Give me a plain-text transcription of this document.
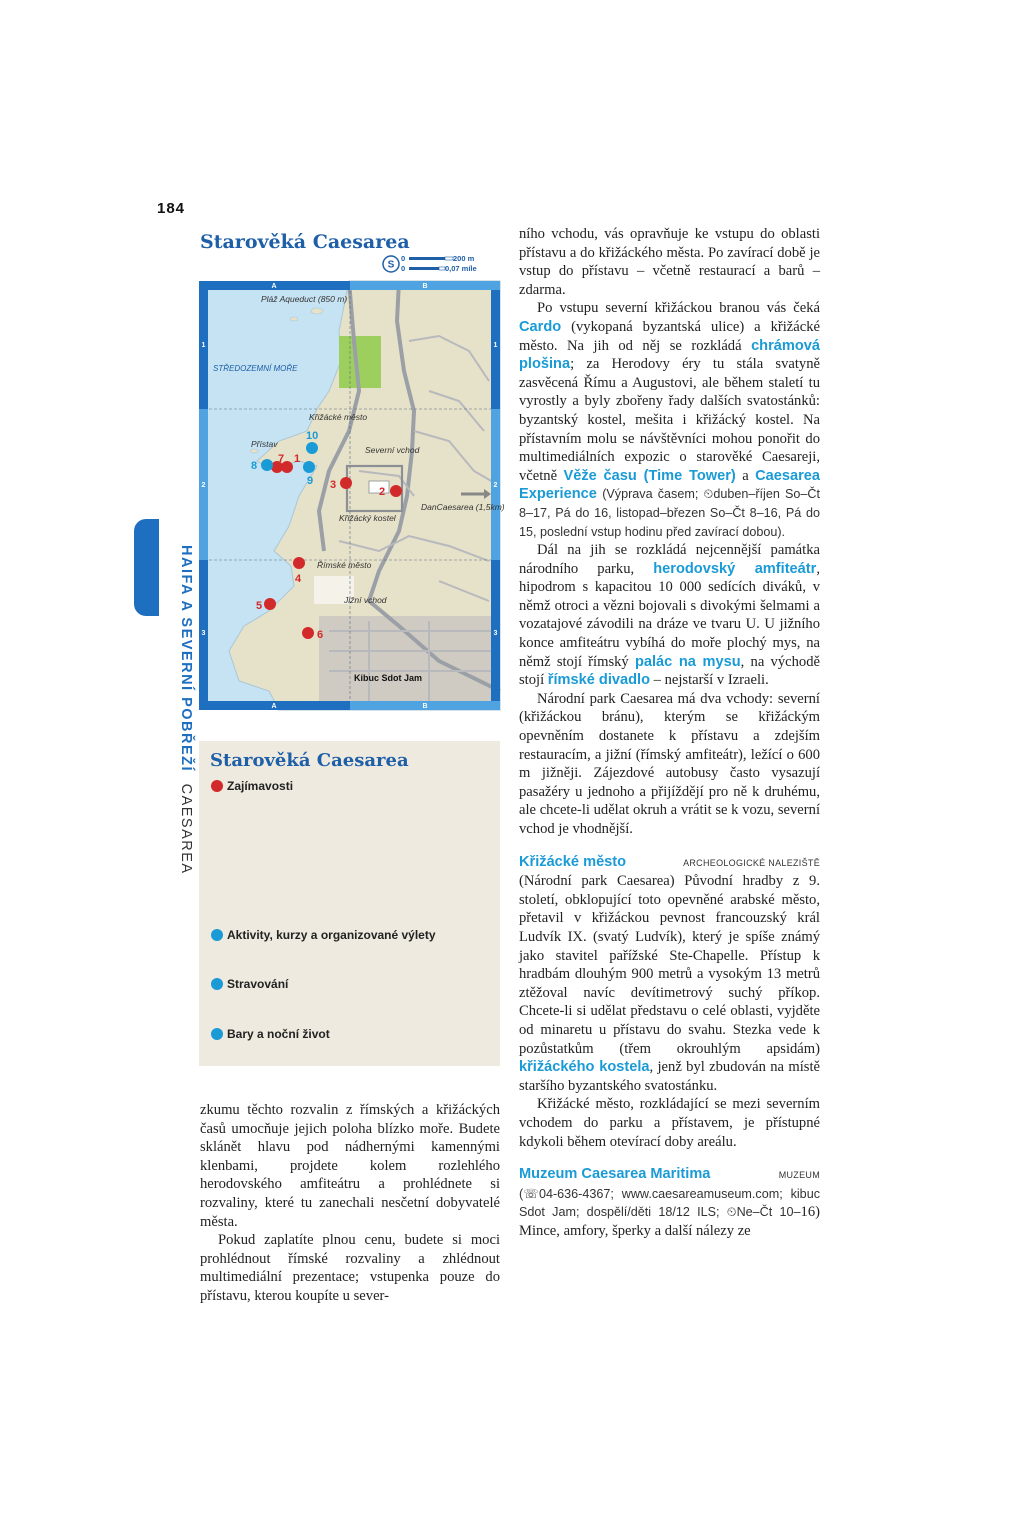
184
Starověká Caesarea
S
0	200 m
0	0,07 míle
A	B
A	B
1
2
3
1
2
3
Pláž Aqueduct (850 m)
Křižácké město
Přístav
Severní vchod
Křižácký kostel
DanCaesarea (1,5km)
Římské město
Jižní vchod
STŘEDOZEMNÍ MOŘE
Kibuc Sdot Jam
1
2
3
4
5
6
7
8
9
10
Starověká Caesarea
Zajímavosti
Aktivity, kurzy a organizované výlety
Stravování
Bary a noční život
HAIFA A SEVERNÍ POBŘEŽÍ CAESAREA

zkumu těchto rozvalin z římských a křižáckých časů umocňuje jejich poloha blízko moře. Budete sklánět hlavu pod nádhernými kamennými klenbami, projdete kolem rozlehlého herodovského amfiteátru a prohlédnete si rozvaliny, které tu zanechali nesčetní dobyvatelé města.

Pokud zaplatíte plnou cenu, budete si moci prohlédnout římské rozvaliny a zhlédnout multimediální prezentace; vstupenka pouze do přístavu, kterou koupíte u sever-

ního vchodu, vás opravňuje ke vstupu do oblasti přístavu a do křižáckého města. Po zavírací době je vstup do přístavu – včetně restaurací a barů – zdarma.

Po vstupu severní křižáckou branou vás čeká Cardo (vykopaná byzantská ulice) a křižácké město. Na jih od něj se rozkládá chrámová plošina; za Herodovy éry tu stála svatyně zasvěcená Římu a Augustovi, ale během staletí tu vyrostly a byly zbořeny řady dalších svatostánků: byzantský kostel, mešita i křižácký kostel. Na přístavním molu se návštěvníci mohou ponořit do multimediálních expozic o starověké Caesareji, včetně Věže času (Time Tower) a Caesarea Experience (Výprava časem; ⏲duben–říjen So–Čt 8–17, Pá do 16, listopad–březen So–Čt 8–16, Pá do 15, poslední vstup hodinu před zavírací dobou).

Dál na jih se rozkládá nejcennější památka národního parku, herodovský amfiteátr, hipodrom s kapacitou 10 000 sedících diváků, v němž otroci a vězni bojovali s divokými šelmami a vozatajové závodili na dráze ve tvaru U. U jižního konce amfiteátru vybíhá do moře plochý mys, na němž stojí římský palác na mysu, na východě stojí římské divadlo – nejstarší v Izraeli.

Národní park Caesarea má dva vchody: severní (křižáckou bránu), kterým se křižáckým opevněním dostanete k přístavu a zdejším restauracím, a jižní (římský amfiteátr), ležící o 600 m jižněji. Zájezdové autobusy často vysazují pasažéry u jednoho a přijíždějí pro ně k druhému, ale chcete-li udělat okruh a vrátit se k vozu, severní vchod je vhodnější.

Křižácké město	ARCHEOLOGICKÉ NALEZIŠTĚ

(Národní park Caesarea) Původní hradby z 9. století, obklopující toto opevněné arabské město, přetavil v křižáckou pevnost francouzský král Ludvík IX. (svatý Ludvík), který je spíše známý jako stavitel pařížské Ste-Chapelle. Přístup k hradbám dlouhým 900 metrů a vysokým 13 metrů ztěžoval navíc devítimetrový suchý příkop. Chcete-li si udělat představu o celé oblasti, vyjděte od minaretu u přístavu do svahu. Stezka vede k pozůstatkům (třem okrouhlým apsidám) křižáckého kostela, jenž byl zbudován na místě staršího byzantského svatostánku.

Křižácké město, rozkládající se mezi severním vchodem do parku a přístavem, je přístupné kdykoli během otevírací doby areálu.

Muzeum Caesarea Maritima	MUZEUM

(☏04-636-4367; www.caesareamuseum.com; kibuc Sdot Jam; dospělí/děti 18/12 ILS; ⏲Ne–Čt 10–16) Mince, amfory, šperky a další nálezy ze
